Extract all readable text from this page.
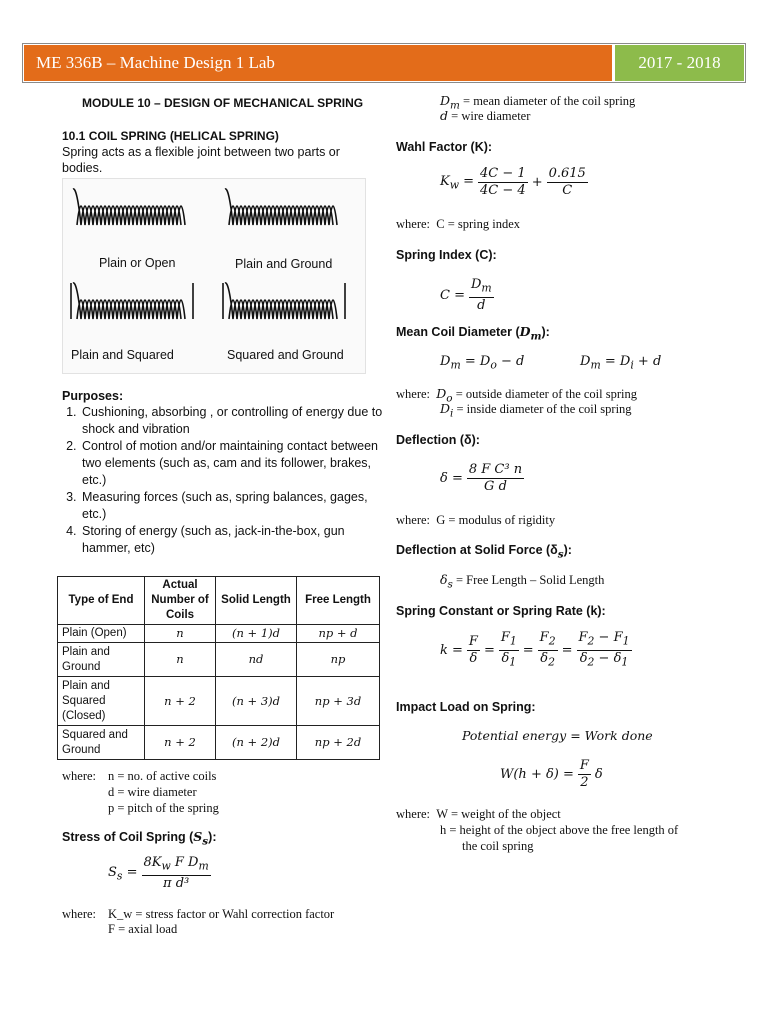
ME 336B – Machine Design 1 Lab	2017 - 2018
MODULE 10 – DESIGN OF MECHANICAL SPRING
10.1 COIL SPRING (HELICAL SPRING)
Spring acts as a flexible joint between two parts or
bodies.
Plain or Open	Plain and Ground
Plain and Squared	Squared and Ground
Purposes:
1. Cushioning, absorbing , or controlling of energy due to shock and vibration
2. Control of motion and/or maintaining contact between two elements (such as, cam and its follower, brakes, etc.)
3. Measuring forces (such as, spring balances, gages, etc.)
4. Storing of energy (such as, jack-in-the-box, gun hammer, etc)
Type of End	Actual Number of Coils	Solid Length	Free Length
Plain (Open)	n	(n + 1)d	np + d
Plain and Ground	n	nd	np
Plain and Squared (Closed)	n + 2	(n + 3)d	np + 3d
Squared and Ground	n + 2	(n + 2)d	np + 2d
where: n = no. of active coils
d = wire diameter
p = pitch of the spring
Stress of Coil Spring $(S_s)$:
$S_s = \frac{8K_w F D_m}{\text{π d³}}$
where: K_w = stress factor or Wahl correction factor
F = axial load
$D_m$ = mean diameter of the coil spring
d = wire diameter
Wahl Factor (K):
$K_w = \frac{4C - 1}{4C - 4} + \frac{0.615}{C}$
where: C = spring index
Spring Index (C):
$C = \frac{D_m}{d}$
Mean Coil Diameter $(D_m)$:
$D_m = D_o - d$	$D_m = D_i + d$
where: $D_o$ = outside diameter of the coil spring
$D_i$ = inside diameter of the coil spring
Deflection (δ):
$\delta = \frac{\text{8 F C³ n}}{\text{G d}}$
where: G = modulus of rigidity
Deflection at Solid Force $(\delta_s)$:
$\delta_s$ = Free Length – Solid Length
Spring Constant or Spring Rate (k):
$k = \frac{F}{\delta} = \frac{F_1}{\delta_1} = \frac{F_2}{\delta_2} = \frac{F_2 - F_1}{\delta_2 - \delta_1}$
Impact Load on Spring:
Potential energy = Work done
$W(h + \delta) = \frac{F}{2}$ δ
where: W = weight of the object
h = height of the object above the free length of
the coil spring
